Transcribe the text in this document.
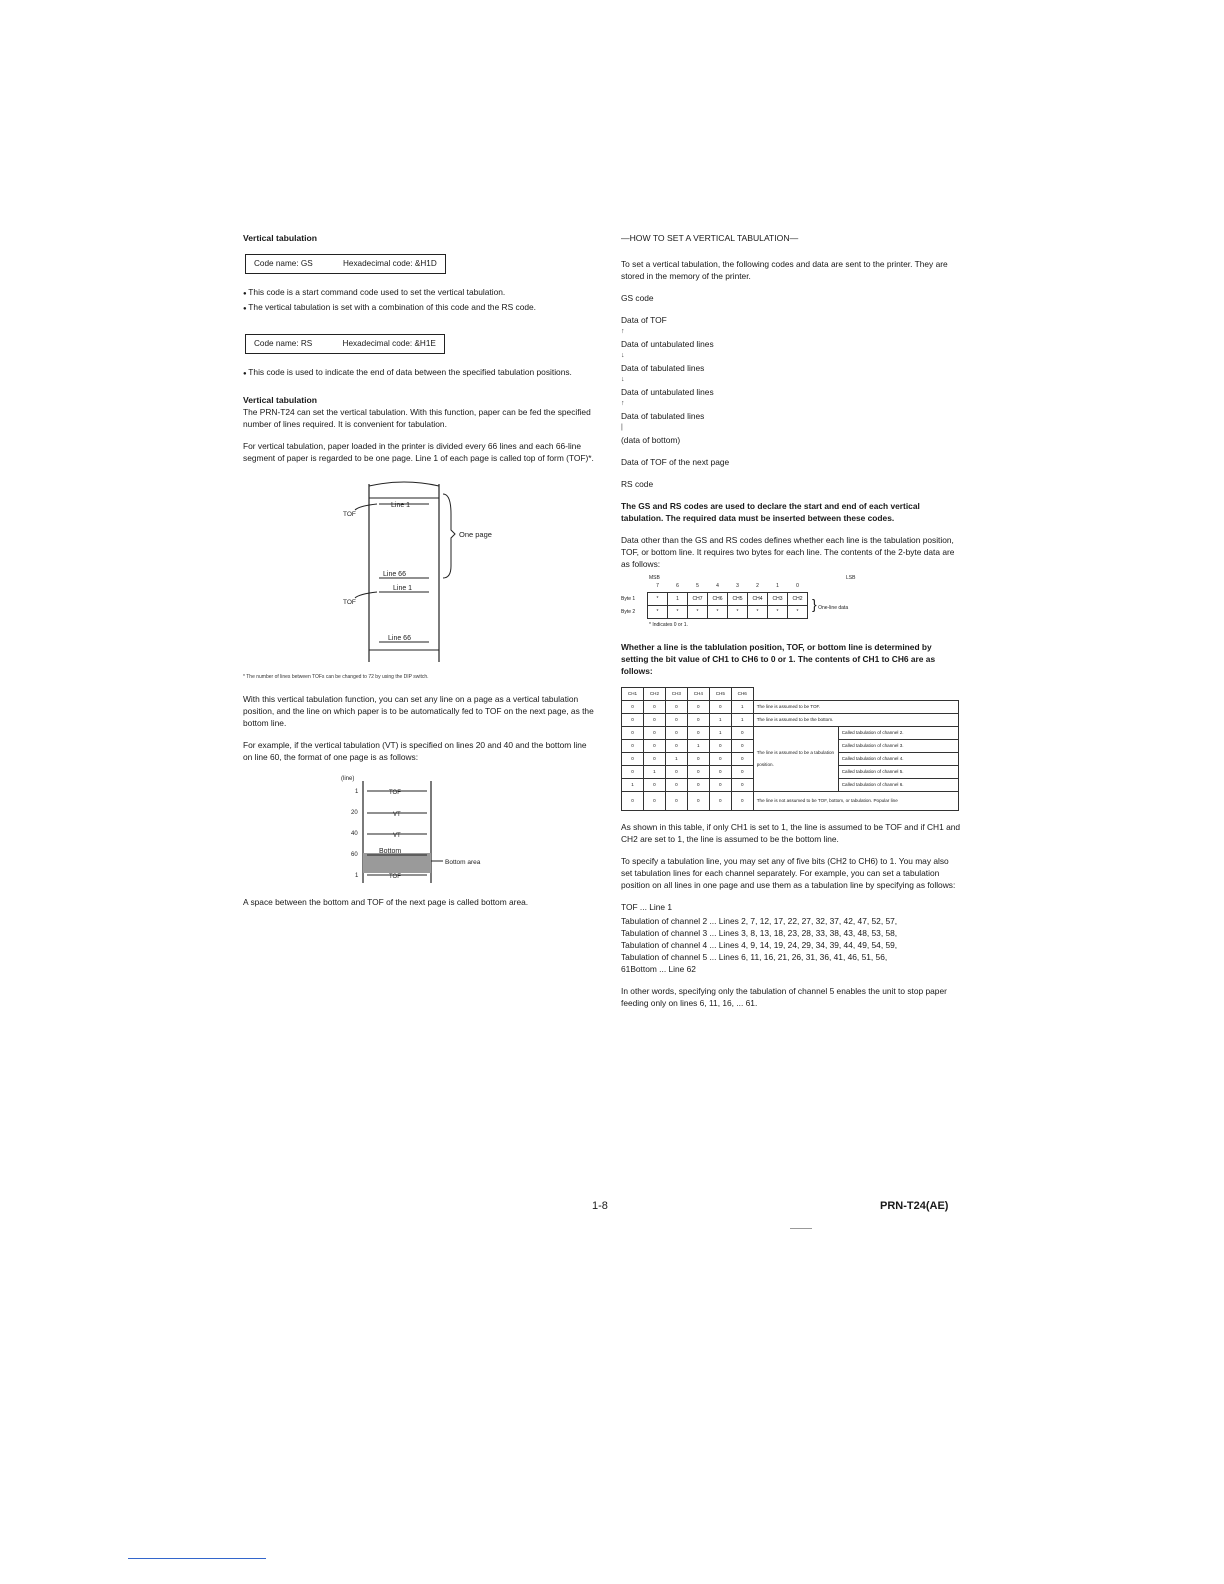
Vertical tabulation

Code name: GS	Hexadecimal code: &H1D
● This code is a start command code used to set the vertical tabulation.
● The vertical tabulation is set with a combination of this code and the RS code.
Code name: RS	Hexadecimal code: &H1E
● This code is used to indicate the end of data between the specified tabulation positions.

Vertical tabulation

The PRN-T24 can set the vertical tabulation. With this function, paper can be fed the specified number of lines required. It is convenient for tabulation.

For vertical tabulation, paper loaded in the printer is divided every 66 lines and each 66-line segment of paper is regarded to be one page. Line 1 of each page is called top of form (TOF)*.

Line 1
Line 66
Line 1
Line 66
One page
TOF
TOF

* The number of lines between TOFs can be changed to 72 by using the DIP switch.

With this vertical tabulation function, you can set any line on a page as a vertical tabulation position, and the line on which paper is to be automatically fed to TOF on the next page, as the bottom line.

For example, if the vertical tabulation (VT) is specified on lines 20 and 40 and the bottom line on line 60, the format of one page is as follows:

(line)
1	TOF
20	VT
40	VT
60	Bottom
Bottom area
1	TOF

A space between the bottom and TOF of the next page is called bottom area.

—HOW TO SET A VERTICAL TABULATION—

To set a vertical tabulation, the following codes and data are sent to the printer. They are stored in the memory of the printer.

GS code
Data of TOF
↑
Data of untabulated lines
↓
Data of tabulated lines
↓
Data of untabulated lines
↑
Data of tabulated lines
|
(data of bottom)
Data of TOF of the next page
RS code

The GS and RS codes are used to declare the start and end of each vertical tabulation. The required data must be inserted between these codes.

Data other than the GS and RS codes defines whether each line is the tabulation position, TOF, or bottom line. It requires two bytes for each line. The contents of the 2-byte data are as follows:

MSB	LSB
	7	6	5	4	3	2	1	0	
Byte 1	*	1	CH7	CH6	CH5	CH4	CH3	CH2	} One-line data
Byte 2	*	*	*	*	*	*	*	*	
* Indicates 0 or 1.

Whether a line is the tablulation position, TOF, or bottom line is determined by setting the bit value of CH1 to CH6 to 0 or 1. The contents of CH1 to CH6 are as follows:

CH1	CH2	CH3	CH4	CH5	CH6		
0	0	0	0	0	1	The line is assumed to be TOF.	
0	0	0	0	1	1	The line is assumed to be the bottom.	
0	0	0	0	1	0	The line is assumed to be a tabulation position.	Called tabulation of channel 2.
0	0	0	1	0	0		Called tabulation of channel 3.
0	0	1	0	0	0		Called tabulation of channel 4.
0	1	0	0	0	0		Called tabulation of channel 5.
1	0	0	0	0	0		Called tabulation of channel 6.
0	0	0	0	0	0	The line is not assumed to be TOF, bottom, or tabulation. Popular line	

As shown in this table, if only CH1 is set to 1, the line is assumed to be TOF and if CH1 and CH2 are set to 1, the line is assumed to be the bottom line.

To specify a tabulation line, you may set any of five bits (CH2 to CH6) to 1. You may also set tabulation lines for each channel separately. For example, you can set a tabulation position on all lines in one page and use them as a tabulation line by specifying as follows:

TOF ... Line 1
Tabulation of channel 2 ... Lines 2, 7, 12, 17, 22, 27, 32, 37, 42, 47, 52, 57,
Tabulation of channel 3 ... Lines 3, 8, 13, 18, 23, 28, 33, 38, 43, 48, 53, 58,
Tabulation of channel 4 ... Lines 4, 9, 14, 19, 24, 29, 34, 39, 44, 49, 54, 59,
Tabulation of channel 5 ... Lines 6, 11, 16, 21, 26, 31, 36, 41, 46, 51, 56,
61Bottom ... Line 62

In other words, specifying only the tabulation of channel 5 enables the unit to stop paper feeding only on lines 6, 11, 16, ... 61.

1-8	PRN-T24(AE)
